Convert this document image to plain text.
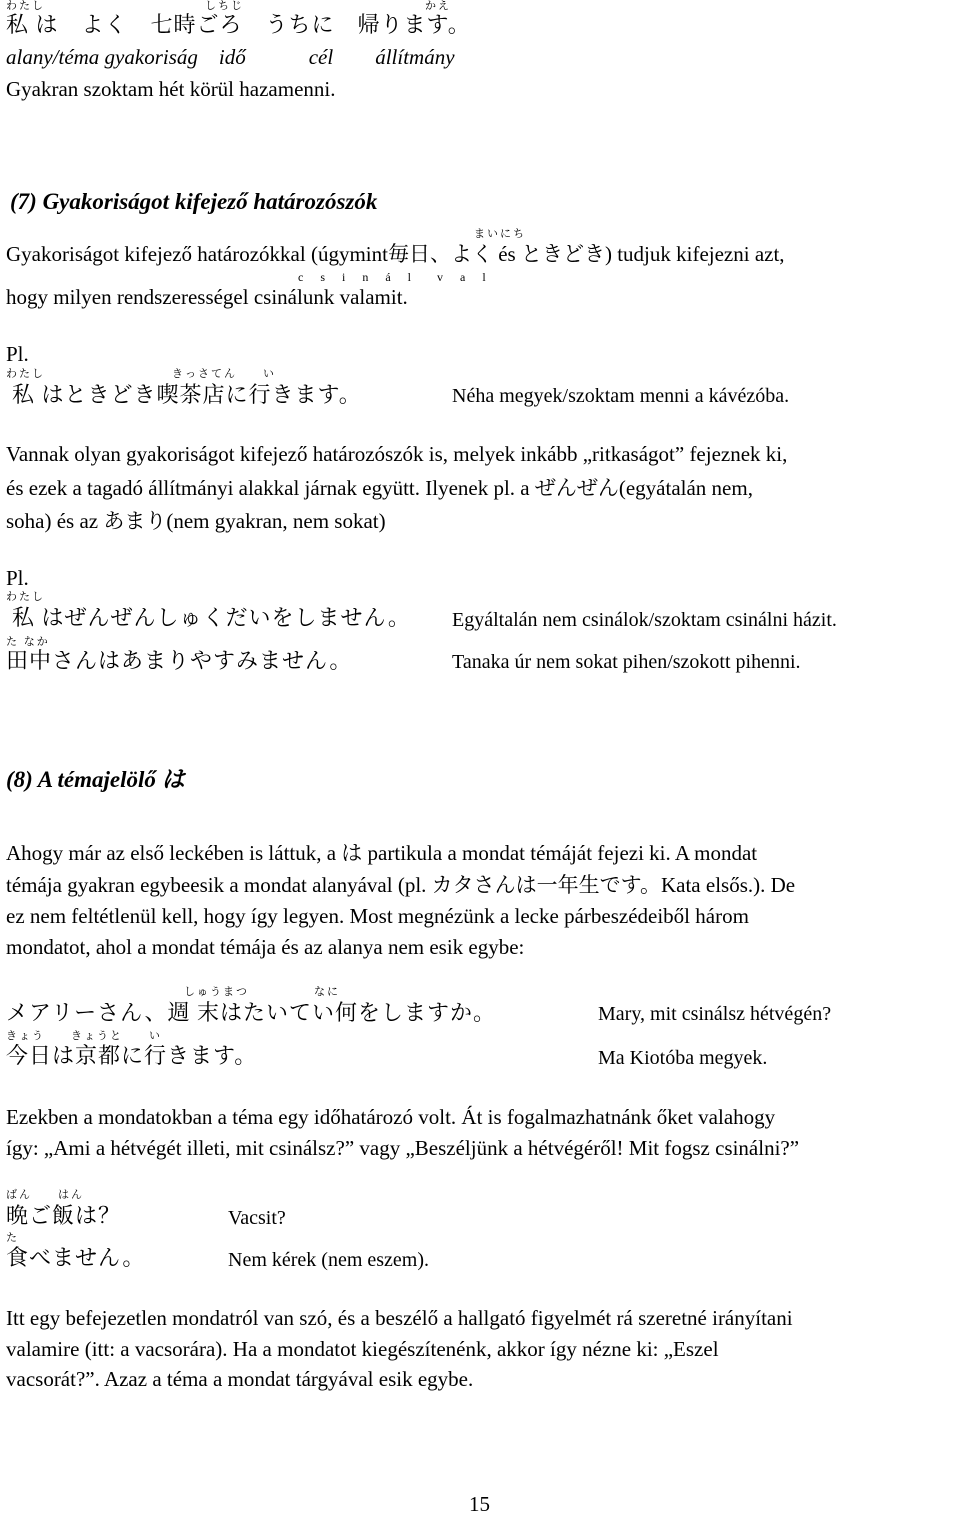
わたし	しちじ	かえ
私 は　よく　七時ごろ　うちに　帰ります。
alany/téma gyakoriság　idő　　　cél　　állítmány
Gyakran szoktam hét körül hazamenni.
(7) Gyakoriságot kifejező határozószók
まいにち
Gyakoriságot kifejező határozókkal (úgymint毎日、よく és ときどき) tudjuk kifejezni azt,
c s i n á l　v a l
hogy milyen rendszerességel csinálunk valamit.
Pl.
わたし	きっさてん　　い
私 はときどき喫茶店に行きます。	Néha megyek/szoktam menni a kávézóba.
Vannak olyan gyakoriságot kifejező határozószók is, melyek inkább „ritkaságot” fejeznek ki,
és ezek a tagadó állítmányi alakkal járnak együtt. Ilyenek pl. a ぜんぜん(egyátalán nem,
soha) és az あまり(nem gyakran, nem sokat)
Pl.
わたし
私 はぜんぜんしゅくだいをしません。 Egyáltalán nem csinálok/szoktam csinálni házit.
た なか
田中さんはあまりやすみません。	Tanaka úr nem sokat pihen/szokott pihenni.
(8) A témajelölő は
Ahogy már az első leckében is láttuk, a は partikula a mondat témáját fejezi ki. A mondat
témája gyakran egybeesik a mondat alanyával (pl. カタさんは一年生です。Kata elsős.). De
ez nem feltétlenül kell, hogy így legyen. Most megnézünk a lecke párbeszédeiből három
mondatot, ahol a mondat témája és az alanya nem esik egybe:
しゅうまつ　　　　　なに
メアリーさん、週 末はたいてい何をしますか。	Mary, mit csinálsz hétvégén?
きょう　　きょうと　　い
今日は京都に行きます。	Ma Kiotóba megyek.
Ezekben a mondatokban a téma egy időhatározó volt. Át is fogalmazhatnánk őket valahogy
így: „Ami a hétvégét illeti, mit csinálsz?” vagy „Beszéljünk a hétvégéről! Mit fogsz csinálni?”
ばん　　はん
晩ご飯は？	Vacsit?
た
食べません。	Nem kérek (nem eszem).
Itt egy befejezetlen mondatról van szó, és a beszélő a hallgató figyelmét rá szeretné irányítani
valamire (itt: a vacsorára). Ha a mondatot kiegészítenénk, akkor így nézne ki: „Eszel
vacsorát?”. Azaz a téma a mondat tárgyával esik egybe.
15
